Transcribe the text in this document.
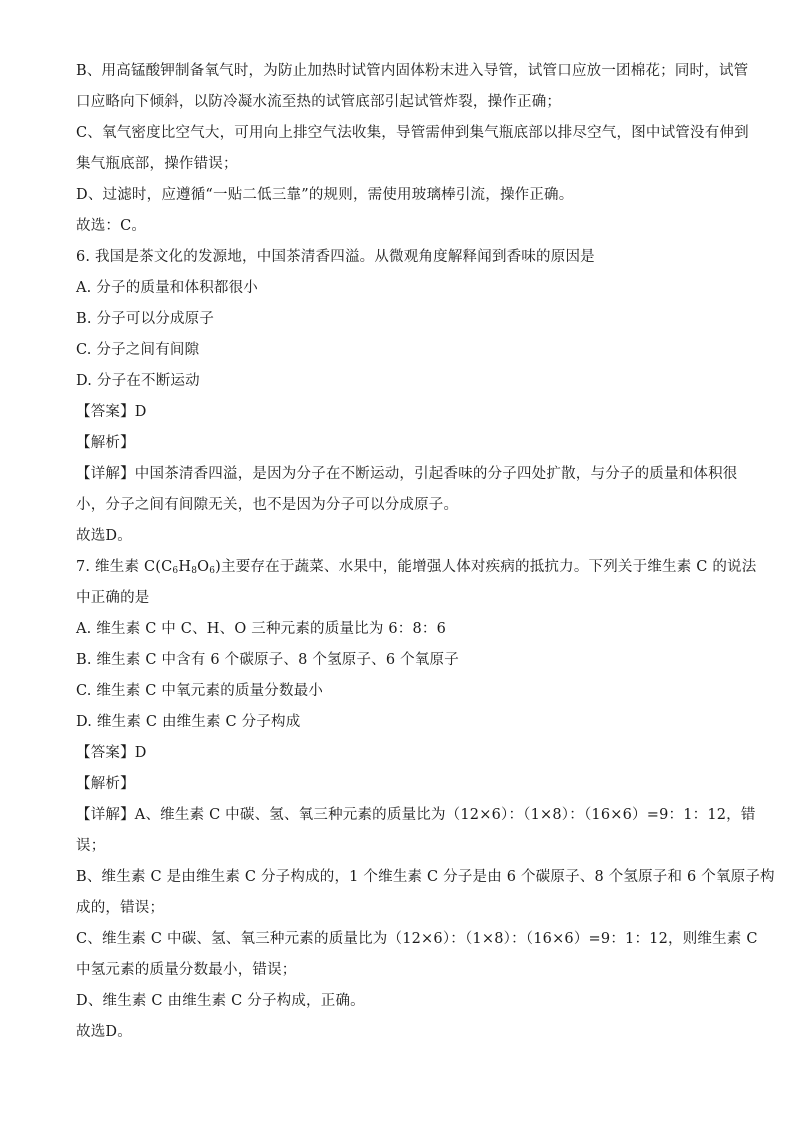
B、用高锰酸钾制备氧气时，为防止加热时试管内固体粉末进入导管，试管口应放一团棉花；同时，试管
口应略向下倾斜，以防冷凝水流至热的试管底部引起试管炸裂，操作正确；
C、氧气密度比空气大，可用向上排空气法收集，导管需伸到集气瓶底部以排尽空气，图中试管没有伸到
集气瓶底部，操作错误；
D、过滤时，应遵循“一贴二低三靠”的规则，需使用玻璃棒引流，操作正确。
故选：C。
6. 我国是茶文化的发源地，中国茶清香四溢。从微观角度解释闻到香味的原因是
A. 分子的质量和体积都很小
B. 分子可以分成原子
C. 分子之间有间隙
D. 分子在不断运动
【答案】D
【解析】
【详解】中国茶清香四溢，是因为分子在不断运动，引起香味的分子四处扩散，与分子的质量和体积很
小，分子之间有间隙无关，也不是因为分子可以分成原子。
故选D。
7. 维生素 $C(C_6H_8O_6)$主要存在于蔬菜、水果中，能增强人体对疾病的抵抗力。下列关于维生素 C 的说法
中正确的是
A. 维生素 C 中 C、H、O 三种元素的质量比为 6：8：6
B. 维生素 C 中含有 6 个碳原子、8 个氢原子、6 个氧原子
C. 维生素 C 中氧元素的质量分数最小
D. 维生素 C 由维生素 C 分子构成
【答案】D
【解析】
【详解】A、维生素 C 中碳、氢、氧三种元素的质量比为（12×6）：（1×8）：（16×6）=9：1：12，错
误；
B、维生素 C 是由维生素 C 分子构成的，1 个维生素 C 分子是由 6 个碳原子、8 个氢原子和 6 个氧原子构
成的，错误；
C、维生素 C 中碳、氢、氧三种元素的质量比为（12×6）：（1×8）：（16×6）=9：1：12，则维生素 C
中氢元素的质量分数最小，错误；
D、维生素 C 由维生素 C 分子构成，正确。
故选D。
